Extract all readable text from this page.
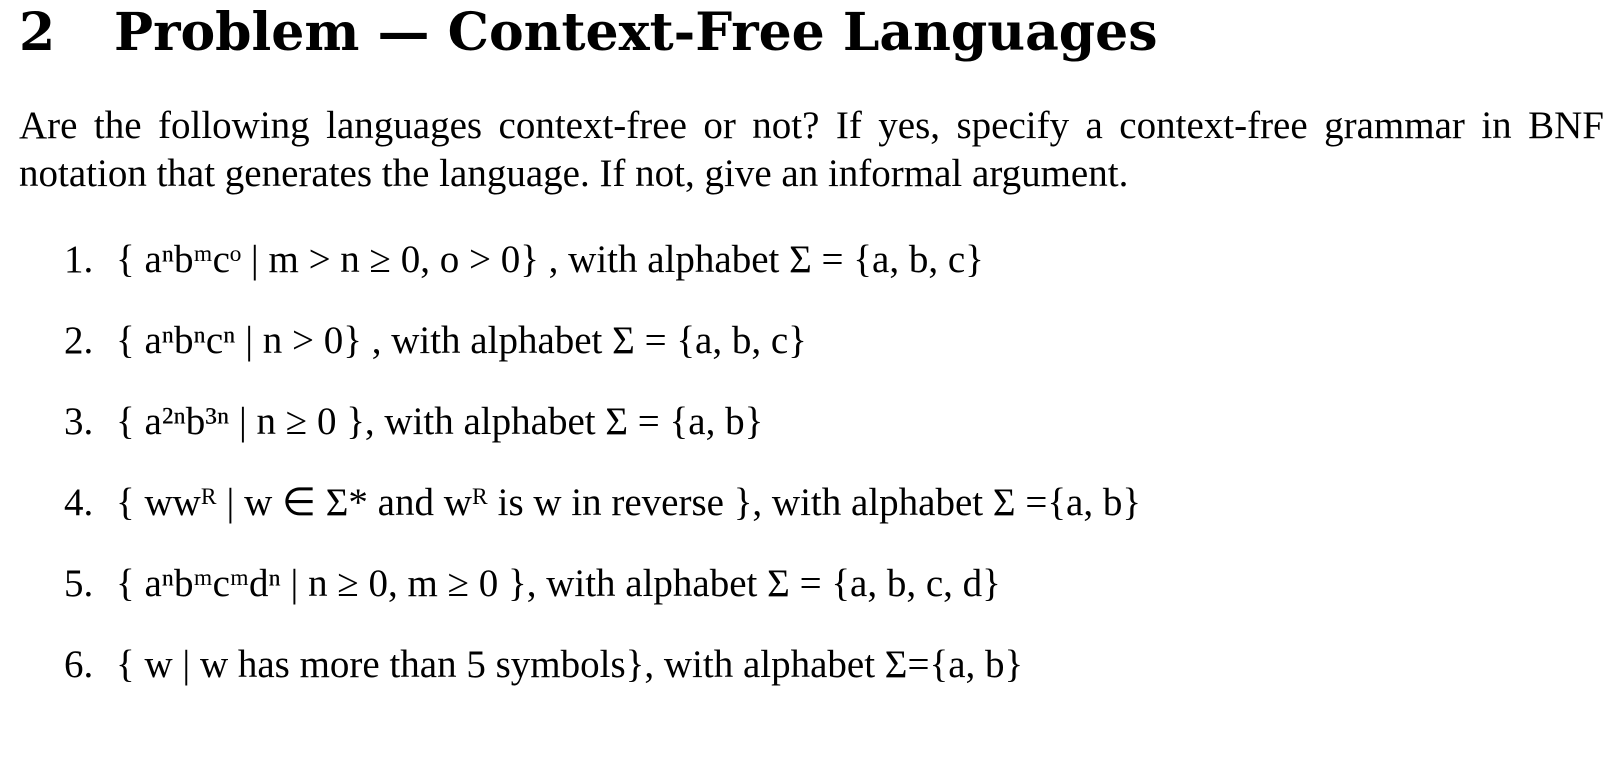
2 Problem — Context-Free Languages

Are the following languages context-free or not? If yes, specify a context-free grammar in BNF notation that generates the language. If not, give an informal argument.

1. { aⁿbᵐcᵒ | m > n ≥ 0, o > 0} , with alphabet Σ = {a, b, c}
2. { aⁿbⁿcⁿ | n > 0} , with alphabet Σ = {a, b, c}
3. { a²ⁿb³ⁿ | n ≥ 0 }, with alphabet Σ = {a, b}
4. { wwᴿ | w ∈ Σ* and wᴿ is w in reverse }, with alphabet Σ ={a, b}
5. { aⁿbᵐcᵐdⁿ | n ≥ 0, m ≥ 0 }, with alphabet Σ = {a, b, c, d}
6. { w | w has more than 5 symbols}, with alphabet Σ={a, b}
